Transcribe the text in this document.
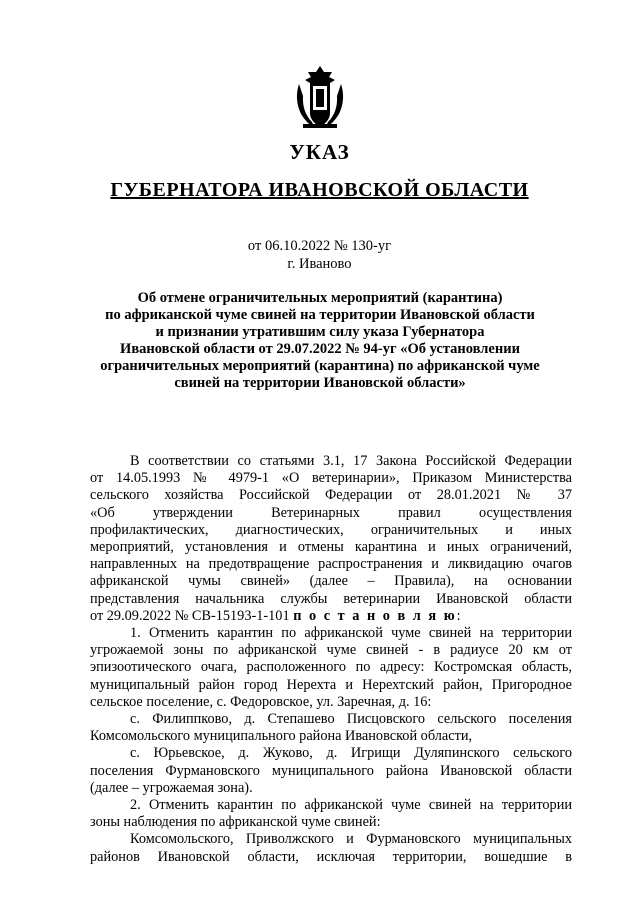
УКАЗ
ГУБЕРНАТОРА ИВАНОВСКОЙ ОБЛАСТИ
от 06.10.2022 № 130-уг
г. Иваново
Об отмене ограничительных мероприятий (карантина)
по африканской чуме свиней на территории Ивановской области
и признании утратившим силу указа Губернатора
Ивановской области от 29.07.2022 № 94-уг «Об установлении
ограничительных мероприятий (карантина) по африканской чуме
свиней на территории Ивановской области»
В соответствии со статьями 3.1, 17 Закона Российской Федерации
от 14.05.1993 № 4979-1 «О ветеринарии», Приказом Министерства
сельского хозяйства Российской Федерации от 28.01.2021 № 37
«Об утверждении Ветеринарных правил осуществления
профилактических, диагностических, ограничительных и иных
мероприятий, установления и отмены карантина и иных ограничений,
направленных на предотвращение распространения и ликвидацию очагов
африканской чумы свиней» (далее – Правила), на основании
представления начальника службы ветеринарии Ивановской области
от 29.09.2022 № СВ-15193-1-101 п о с т а н о в л я ю:
1. Отменить карантин по африканской чуме свиней на территории
угрожаемой зоны по африканской чуме свиней - в радиусе 20 км от
эпизоотического очага, расположенного по адресу: Костромская область,
муниципальный район город Нерехта и Нерехтский район, Пригородное
сельское поселение, с. Федоровское, ул. Заречная, д. 16:
с. Филиппково, д. Степашево Писцовского сельского поселения
Комсомольского муниципального района Ивановской области,
с. Юрьевское, д. Жуково, д. Игрищи Дуляпинского сельского
поселения Фурмановского муниципального района Ивановской области
(далее – угрожаемая зона).
2. Отменить карантин по африканской чуме свиней на территории
зоны наблюдения по африканской чуме свиней:
Комсомольского, Приволжского и Фурмановского муниципальных
районов Ивановской области, исключая территории, вошедшие в
